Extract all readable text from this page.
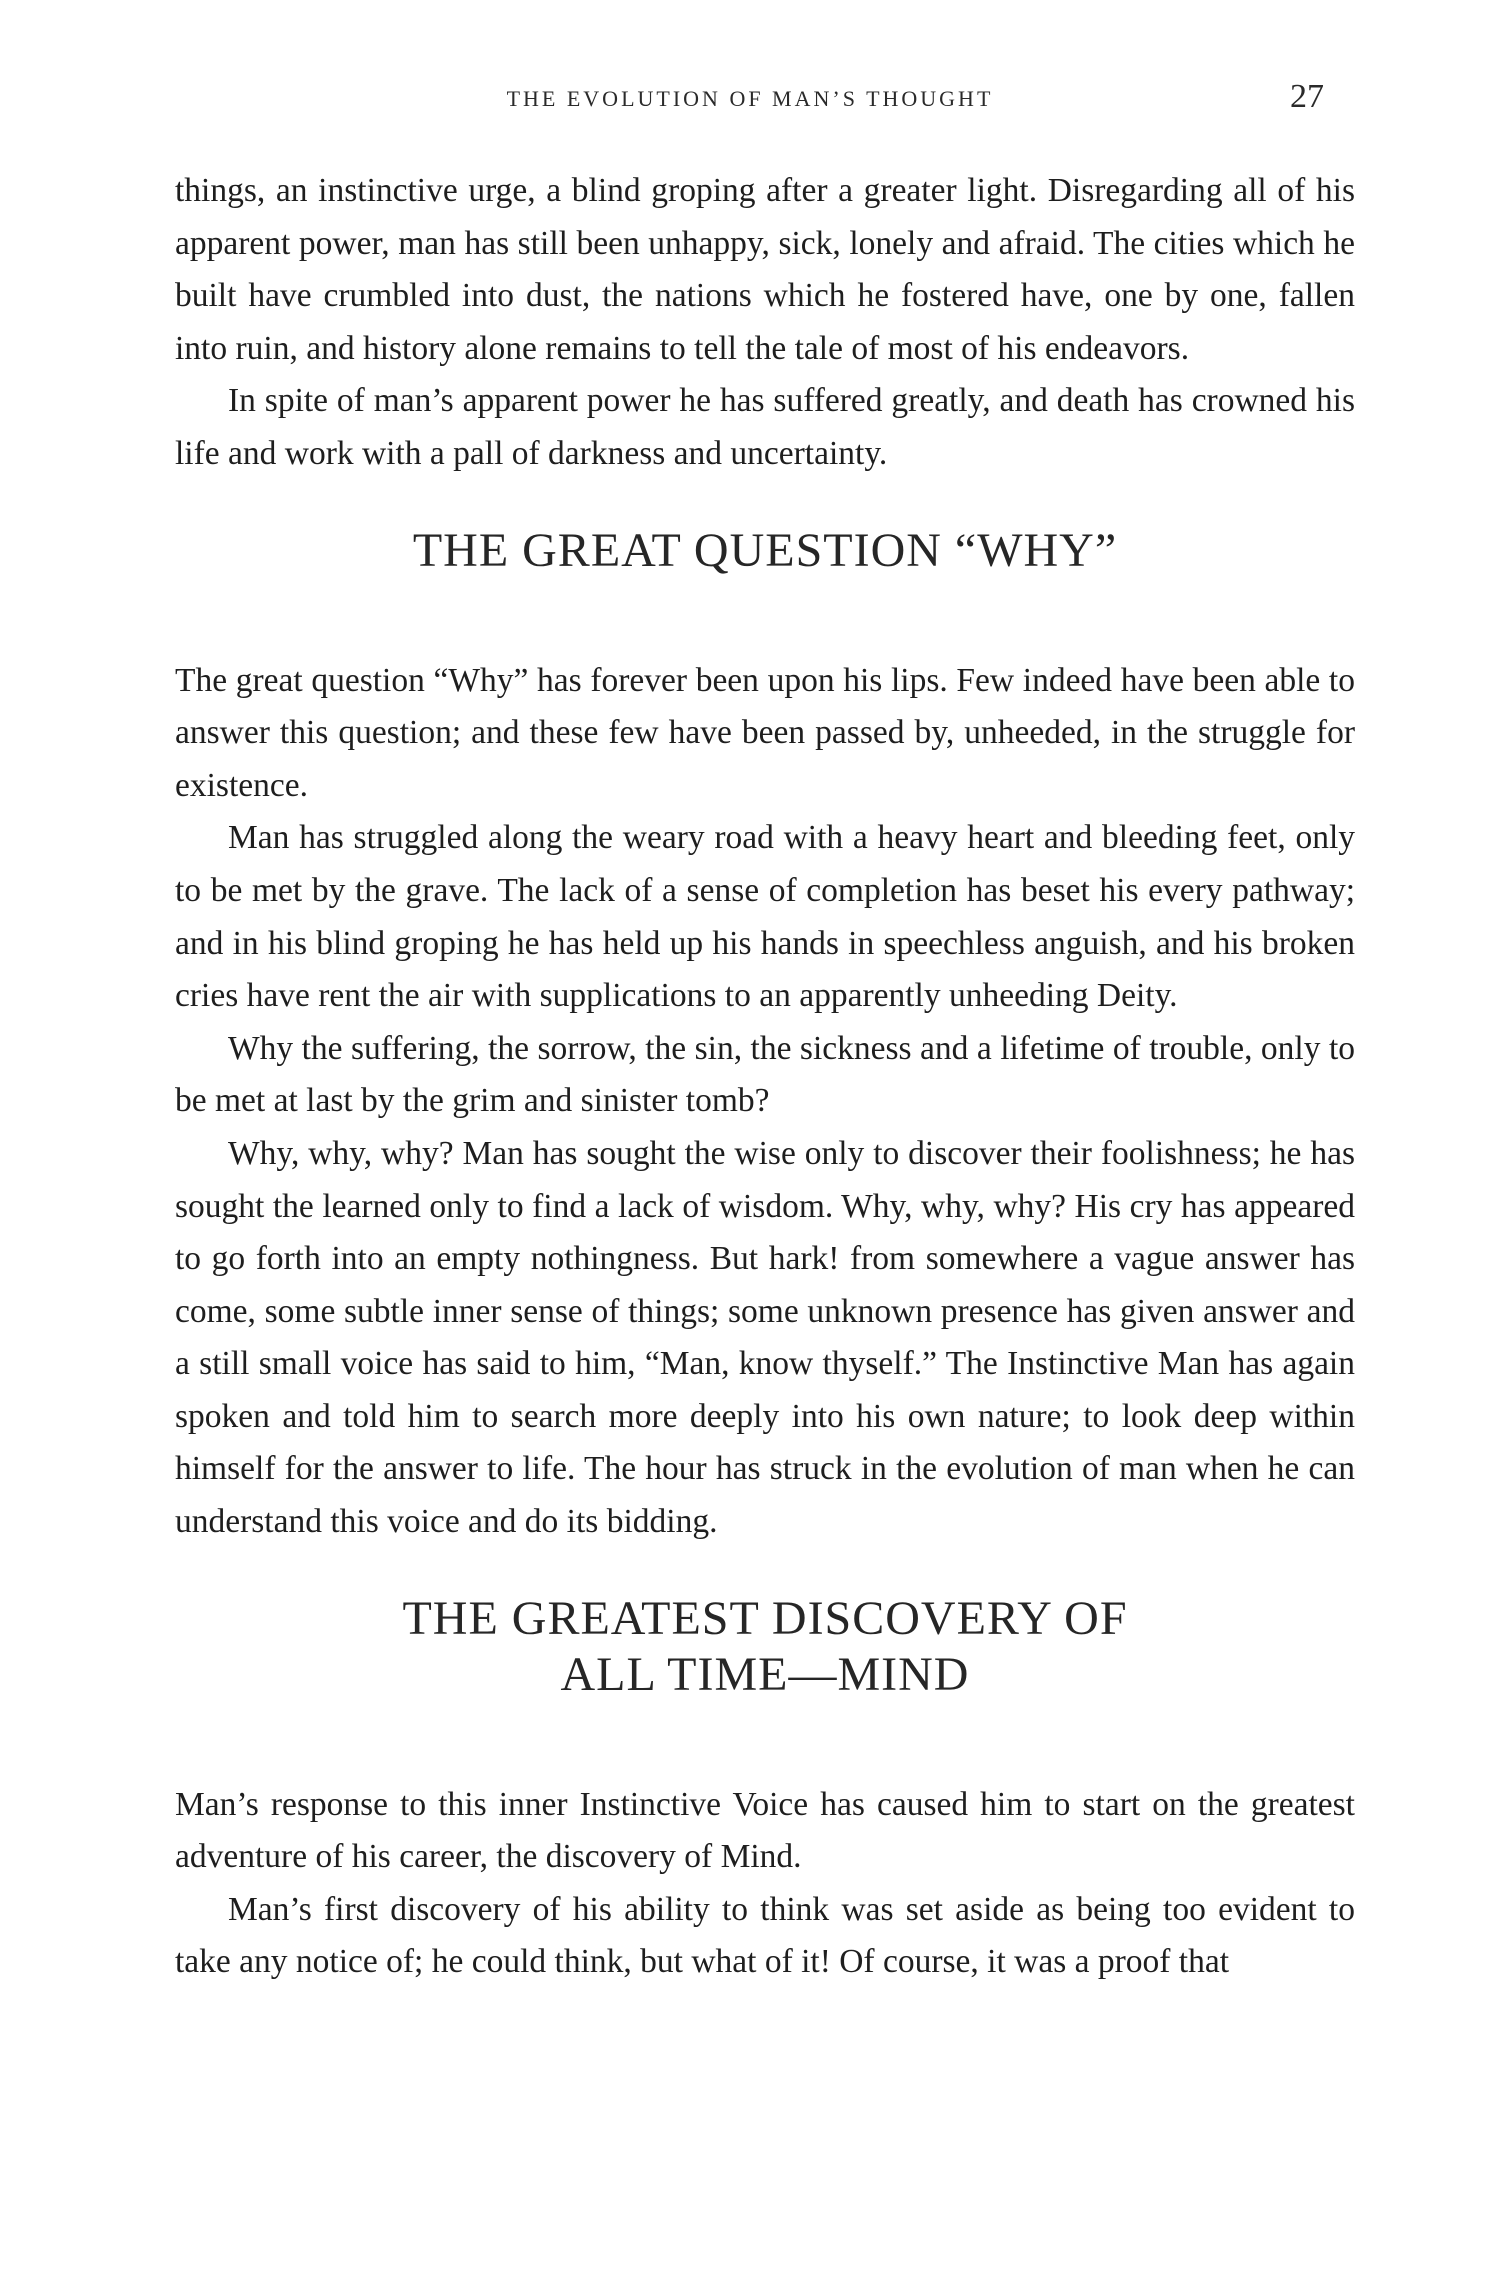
THE EVOLUTION OF MAN’S THOUGHT	27

things, an instinctive urge, a blind groping after a greater light. Disregarding all of his apparent power, man has still been unhappy, sick, lonely and afraid. The cities which he built have crumbled into dust, the nations which he fostered have, one by one, fallen into ruin, and history alone remains to tell the tale of most of his endeavors.

In spite of man’s apparent power he has suffered greatly, and death has crowned his life and work with a pall of darkness and uncertainty.

THE GREAT QUESTION “WHY”

The great question “Why” has forever been upon his lips. Few indeed have been able to answer this question; and these few have been passed by, unheeded, in the struggle for existence.

Man has struggled along the weary road with a heavy heart and bleeding feet, only to be met by the grave. The lack of a sense of completion has beset his every pathway; and in his blind groping he has held up his hands in speechless anguish, and his broken cries have rent the air with supplications to an apparently unheeding Deity.

Why the suffering, the sorrow, the sin, the sickness and a lifetime of trouble, only to be met at last by the grim and sinister tomb?

Why, why, why? Man has sought the wise only to discover their foolishness; he has sought the learned only to find a lack of wisdom. Why, why, why? His cry has appeared to go forth into an empty nothingness. But hark! from somewhere a vague answer has come, some subtle inner sense of things; some unknown presence has given answer and a still small voice has said to him, “Man, know thyself.” The Instinctive Man has again spoken and told him to search more deeply into his own nature; to look deep within himself for the answer to life. The hour has struck in the evolution of man when he can understand this voice and do its bidding.

THE GREATEST DISCOVERY OF
ALL TIME—MIND

Man’s response to this inner Instinctive Voice has caused him to start on the greatest adventure of his career, the discovery of Mind.

Man’s first discovery of his ability to think was set aside as being too evident to take any notice of; he could think, but what of it! Of course, it was a proof that
